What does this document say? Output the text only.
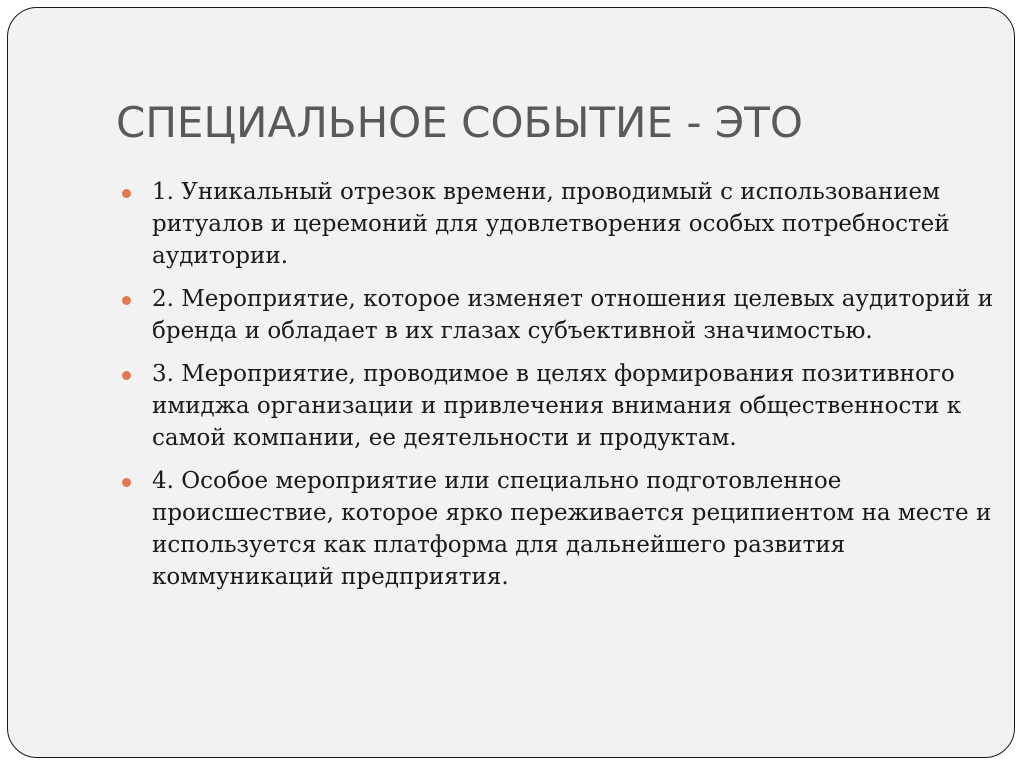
СПЕЦИАЛЬНОЕ СОБЫТИЕ - ЭТО
1. Уникальный отрезок времени, проводимый с использованием ритуалов и церемоний для удовлетворения особых потребностей аудитории.
2. Мероприятие, которое изменяет отношения целевых аудиторий и бренда и обладает в их глазах субъективной значимостью.
3. Мероприятие, проводимое в целях формирования позитивного имиджа организации и привлечения внимания общественности к самой компании, ее деятельности и продуктам.
4. Особое мероприятие или специально подготовленное происшествие, которое ярко переживается реципиентом на месте и используется как платформа для дальнейшего развития коммуникаций предприятия.
